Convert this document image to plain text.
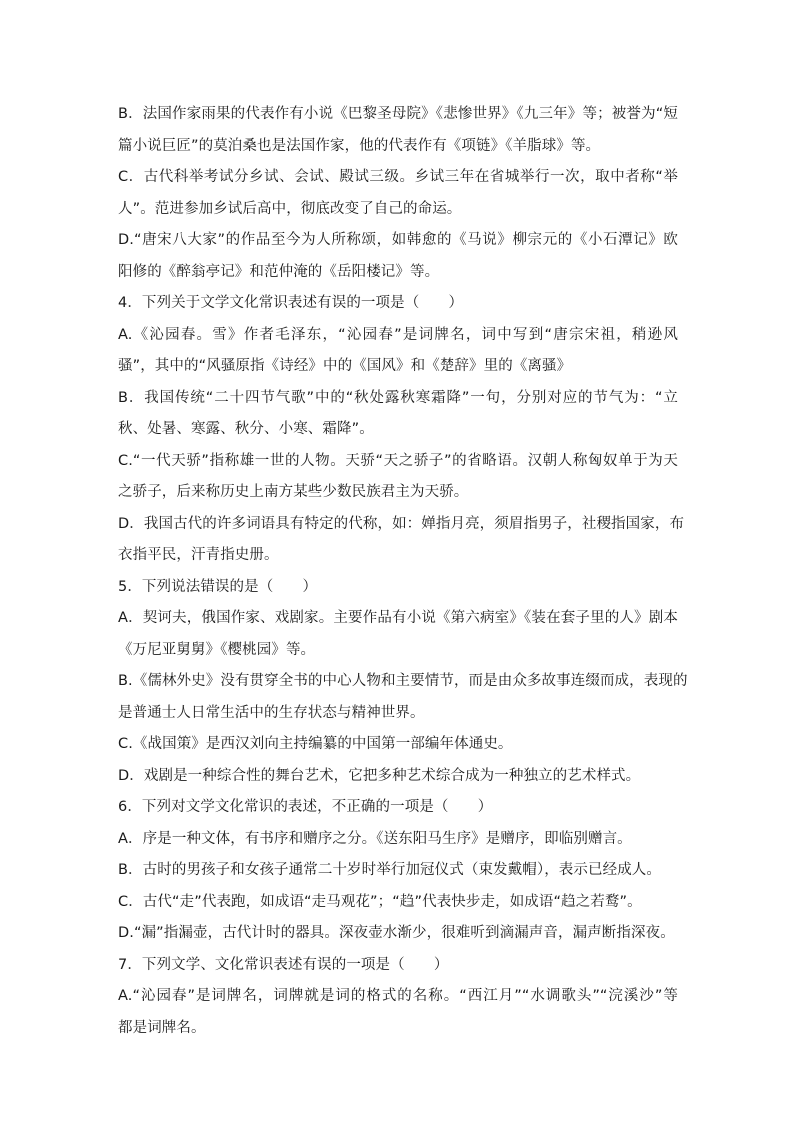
B．法国作家雨果的代表作有小说《巴黎圣母院》《悲惨世界》《九三年》等；被誉为“短
篇小说巨匠”的莫泊桑也是法国作家，他的代表作有《项链》《羊脂球》等。
C．古代科举考试分乡试、会试、殿试三级。乡试三年在省城举行一次，取中者称“举
人”。范进参加乡试后高中，彻底改变了自己的命运。
D.“唐宋八大家”的作品至今为人所称颂，如韩愈的《马说》柳宗元的《小石潭记》欧
阳修的《醉翁亭记》和范仲淹的《岳阳楼记》等。
4．下列关于文学文化常识表述有误的一项是（　　）
A.《沁园春。雪》作者毛泽东，“沁园春”是词牌名，词中写到“唐宗宋祖，稍逊风
骚”，其中的“风骚原指《诗经》中的《国风》和《楚辞》里的《离骚》
B．我国传统“二十四节气歌”中的“秋处露秋寒霜降”一句，分别对应的节气为：“立
秋、处暑、寒露、秋分、小寒、霜降”。
C.“一代天骄”指称雄一世的人物。天骄“天之骄子”的省略语。汉朝人称匈奴单于为天
之骄子，后来称历史上南方某些少数民族君主为天骄。
D．我国古代的许多词语具有特定的代称，如：婵指月亮，须眉指男子，社稷指国家，布
衣指平民，汗青指史册。
5．下列说法错误的是（　　）
A．契诃夫，俄国作家、戏剧家。主要作品有小说《第六病室》《装在套子里的人》剧本
《万尼亚舅舅》《樱桃园》等。
B.《儒林外史》没有贯穿全书的中心人物和主要情节，而是由众多故事连缀而成，表现的
是普通士人日常生活中的生存状态与精神世界。
C.《战国策》是西汉刘向主持编纂的中国第一部编年体通史。
D．戏剧是一种综合性的舞台艺术，它把多种艺术综合成为一种独立的艺术样式。
6．下列对文学文化常识的表述，不正确的一项是（　　）
A．序是一种文体，有书序和赠序之分。《送东阳马生序》是赠序，即临别赠言。
B．古时的男孩子和女孩子通常二十岁时举行加冠仪式（束发戴帽），表示已经成人。
C．古代“走”代表跑，如成语“走马观花”；“趋”代表快步走，如成语“趋之若鹜”。
D.“漏”指漏壶，古代计时的器具。深夜壶水渐少，很难听到滴漏声音，漏声断指深夜。
7．下列文学、文化常识表述有误的一项是（　　）
A.“沁园春”是词牌名，词牌就是词的格式的名称。“西江月”“水调歌头”“浣溪沙”等
都是词牌名。
